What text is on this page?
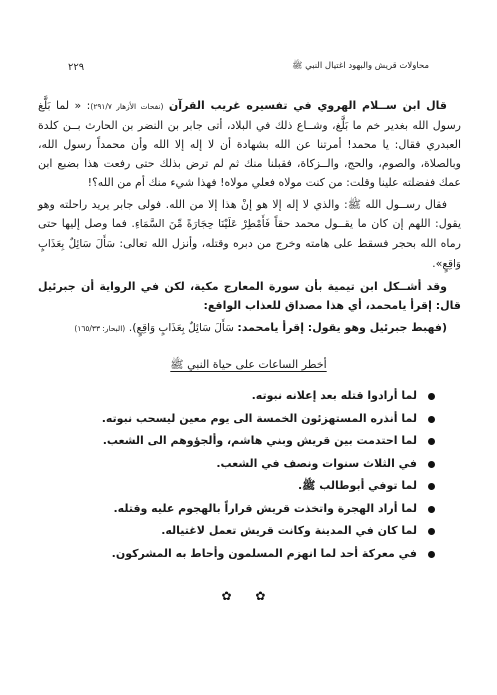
محاولات قريش والبهود اغتيال النبي ﷺ
٢٢٩

قال ابن ســلام الهروي في تفسيره غريب القرآن (نفحات الأزهار ٢٩١/٧): « لما بَلَّغ رسول الله بغدير خم ما بَلَّغ، وشــاع ذلك في البلاد، أتى جابر بن النضر بن الحارث بــن كلدة العبدري فقال: يا محمد! أمرتنا عن الله بشهادة أن لا إله إلا الله وأن محمداً رسول الله، وبالصلاة، والصوم، والحج، والــزكاة، فقبلنا منك ثم لم ترض بذلك حتى رفعت هذا بضبع ابن عمك ففضلته علينا وقلت: من كنت مولاه فعلي مولاه! فهذا شيء منك أم من الله؟!

فقال رســول الله ﷺ: والذي لا إله إلا هو إنْ هذا إلا من الله. فولى جابر يريد راحلته وهو يقول: اللهم إن كان ما يقــول محمد حقاً فَأَمْطِرْ عَلَيْنَا حِجَارَةً مِّنَ السَّمَاءِ. فما وصل إليها حتى رماه الله بحجر فسقط على هامته وخرج من دبره وقتله، وأنزل الله تعالى: سَأَلَ سَائِلٌ بِعَذَابٍ وَاقِعٍ».

وقد أشــكل ابن تيمية بأن سورة المعارج مكية، لكن في الرواية أن جبرئيل قال: إقرأ يامحمد، أي هذا مصداق للعذاب الواقع:

(فهبط جبرئيل وهو يقول: إقرأ يامحمد: سَأَلَ سَائِلٌ بِعَذَابٍ وَاقِعٍ). (البحار: ١٦٥/٣٣)

أخطر الساعات على حياة النبي ﷺ
لما أرادوا قتله بعد إعلانه نبوته.
لما أنذره المستهزئون الخمسة الى يوم معين ليسحب نبوته.
لما احتدمت بين قريش وبني هاشم، وألجؤوهم الى الشعب.
في الثلاث سنوات ونصف في الشعب.
لما توفي أبوطالب ﷺ.
لما أراد الهجرة واتخذت قريش قراراً بالهجوم عليه وقتله.
لما كان في المدينة وكانت قريش تعمل لاغتياله.
في معركة أحد لما انهزم المسلمون وأحاط به المشركون.
✿ ✿
